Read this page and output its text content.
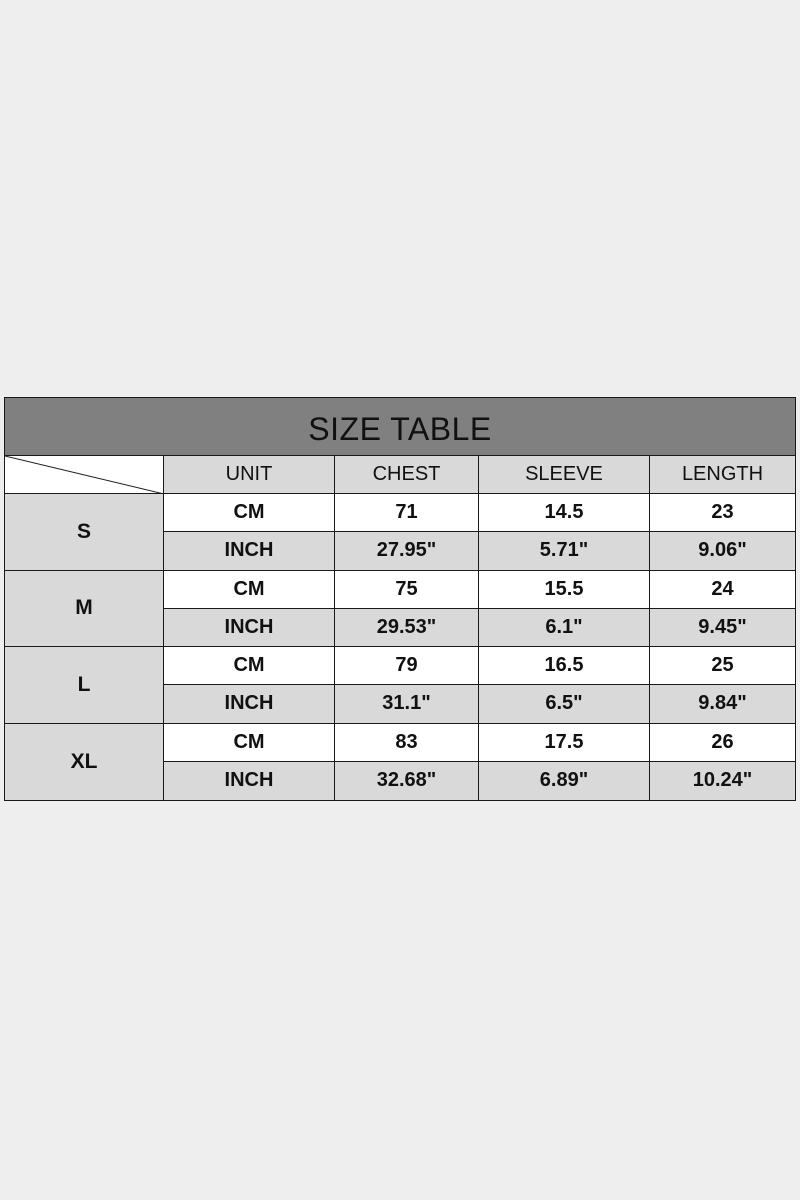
SIZE TABLE
UNIT	CHEST	SLEEVE	LENGTH
S
CM	71	14.5	23
INCH	27.95"	5.71"	9.06"
M
CM	75	15.5	24
INCH	29.53"	6.1"	9.45"
L
CM	79	16.5	25
INCH	31.1"	6.5"	9.84"
XL
CM	83	17.5	26
INCH	32.68"	6.89"	10.24"
